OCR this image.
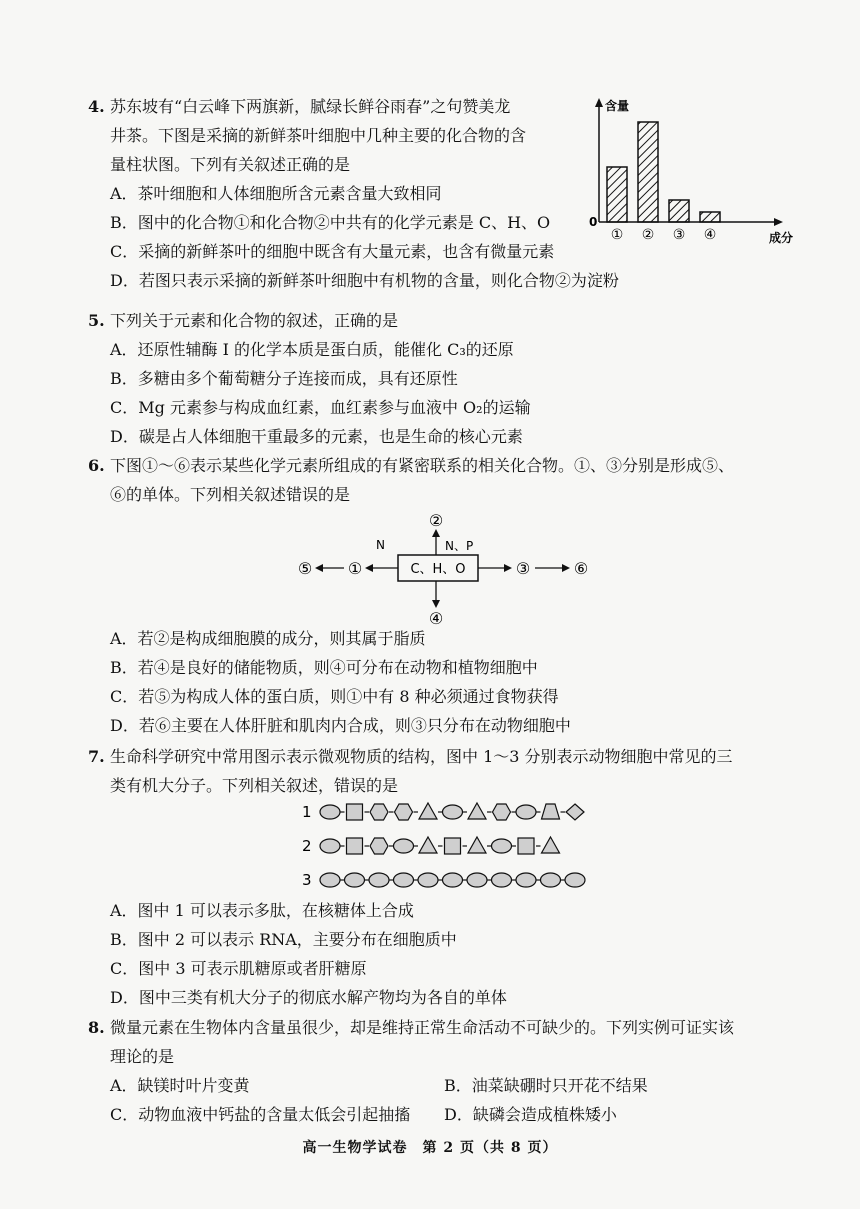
4. 苏东坡有“白云峰下两旗新，腻绿长鲜谷雨春”之句赞美龙
井茶。下图是采摘的新鲜茶叶细胞中几种主要的化合物的含
量柱状图。下列有关叙述正确的是
A．茶叶细胞和人体细胞所含元素含量大致相同
B．图中的化合物①和化合物②中共有的化学元素是 C、H、O
C．采摘的新鲜茶叶的细胞中既含有大量元素，也含有微量元素
D．若图只表示采摘的新鲜茶叶细胞中有机物的含量，则化合物②为淀粉
含量
0
成分
① ② ③ ④
5. 下列关于元素和化合物的叙述，正确的是
A．还原性辅酶 I 的化学本质是蛋白质，能催化 C₃的还原
B．多糖由多个葡萄糖分子连接而成，具有还原性
C．Mg 元素参与构成血红素，血红素参与血液中 O₂的运输
D．碳是占人体细胞干重最多的元素，也是生命的核心元素
6. 下图①～⑥表示某些化学元素所组成的有紧密联系的相关化合物。①、③分别是形成⑤、
⑥的单体。下列相关叙述错误的是
C、H、O
②
N、P
④
N
①
⑤	③	⑥
A．若②是构成细胞膜的成分，则其属于脂质
B．若④是良好的储能物质，则④可分布在动物和植物细胞中
C．若⑤为构成人体的蛋白质，则①中有 8 种必须通过食物获得
D．若⑥主要在人体肝脏和肌肉内合成，则③只分布在动物细胞中
7. 生命科学研究中常用图示表示微观物质的结构，图中 1～3 分别表示动物细胞中常见的三
类有机大分子。下列相关叙述，错误的是
1
2
3
A．图中 1 可以表示多肽，在核糖体上合成
B．图中 2 可以表示 RNA，主要分布在细胞质中
C．图中 3 可表示肌糖原或者肝糖原
D．图中三类有机大分子的彻底水解产物均为各自的单体
8. 微量元素在生物体内含量虽很少，却是维持正常生命活动不可缺少的。下列实例可证实该
理论的是
A．缺镁时叶片变黄	B．油菜缺硼时只开花不结果
C．动物血液中钙盐的含量太低会引起抽搐	D．缺磷会造成植株矮小
高一生物学试卷　第 2 页（共 8 页）
